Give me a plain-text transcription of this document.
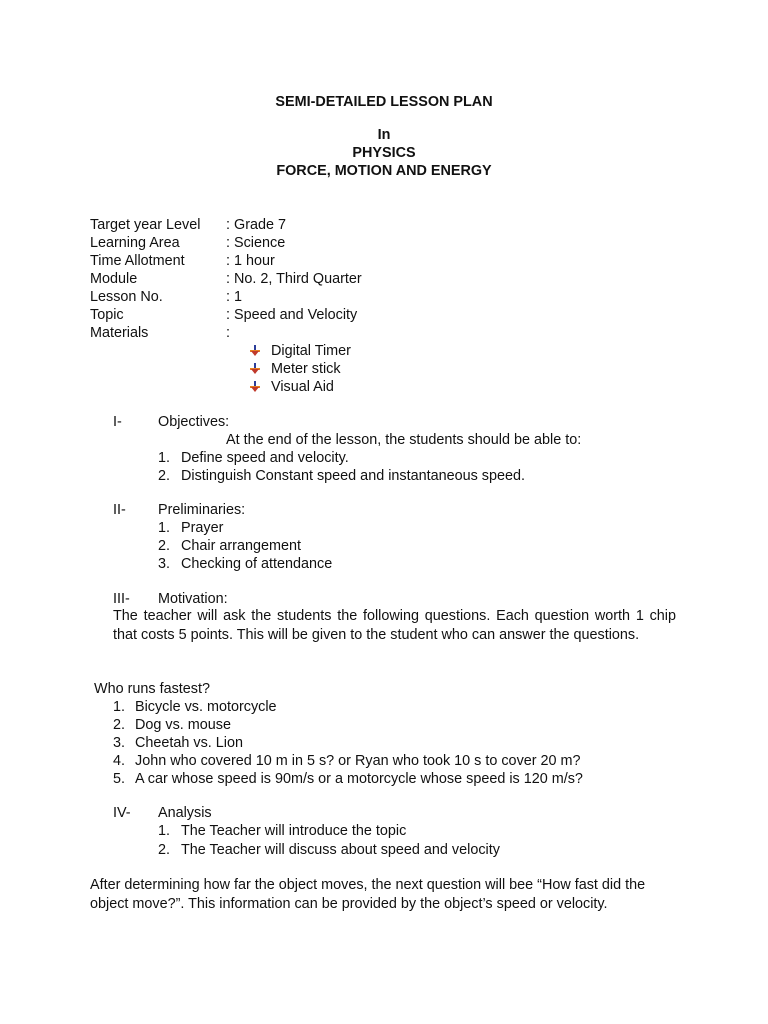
SEMI-DETAILED LESSON PLAN
In
PHYSICS
FORCE, MOTION AND ENERGY
Target year Level : Grade 7
Learning Area	: Science
Time Allotment	: 1 hour
Module	: No. 2, Third Quarter
Lesson No.	: 1
Topic	: Speed and Velocity
Materials	:
Digital Timer
Meter stick
Visual Aid
I-	Objectives:
At the end of the lesson, the students should be able to:
1. Define speed and velocity.
2. Distinguish Constant speed and instantaneous speed.
II- Preliminaries:
1. Prayer
2. Chair arrangement
3. Checking of attendance
III- Motivation:
The teacher will ask the students the following questions. Each question worth 1 chip that costs 5 points. This will be given to the student who can answer the questions.
Who runs fastest?
1. Bicycle vs. motorcycle
2. Dog vs. mouse
3. Cheetah vs. Lion
4. John who covered 10 m in 5 s? or Ryan who took 10 s to cover 20 m?
5. A car whose speed is 90m/s or a motorcycle whose speed is 120 m/s?
IV- Analysis
1. The Teacher will introduce the topic
2. The Teacher will discuss about speed and velocity
After determining how far the object moves, the next question will bee “How fast did the object move?”. This information can be provided by the object’s speed or velocity.
